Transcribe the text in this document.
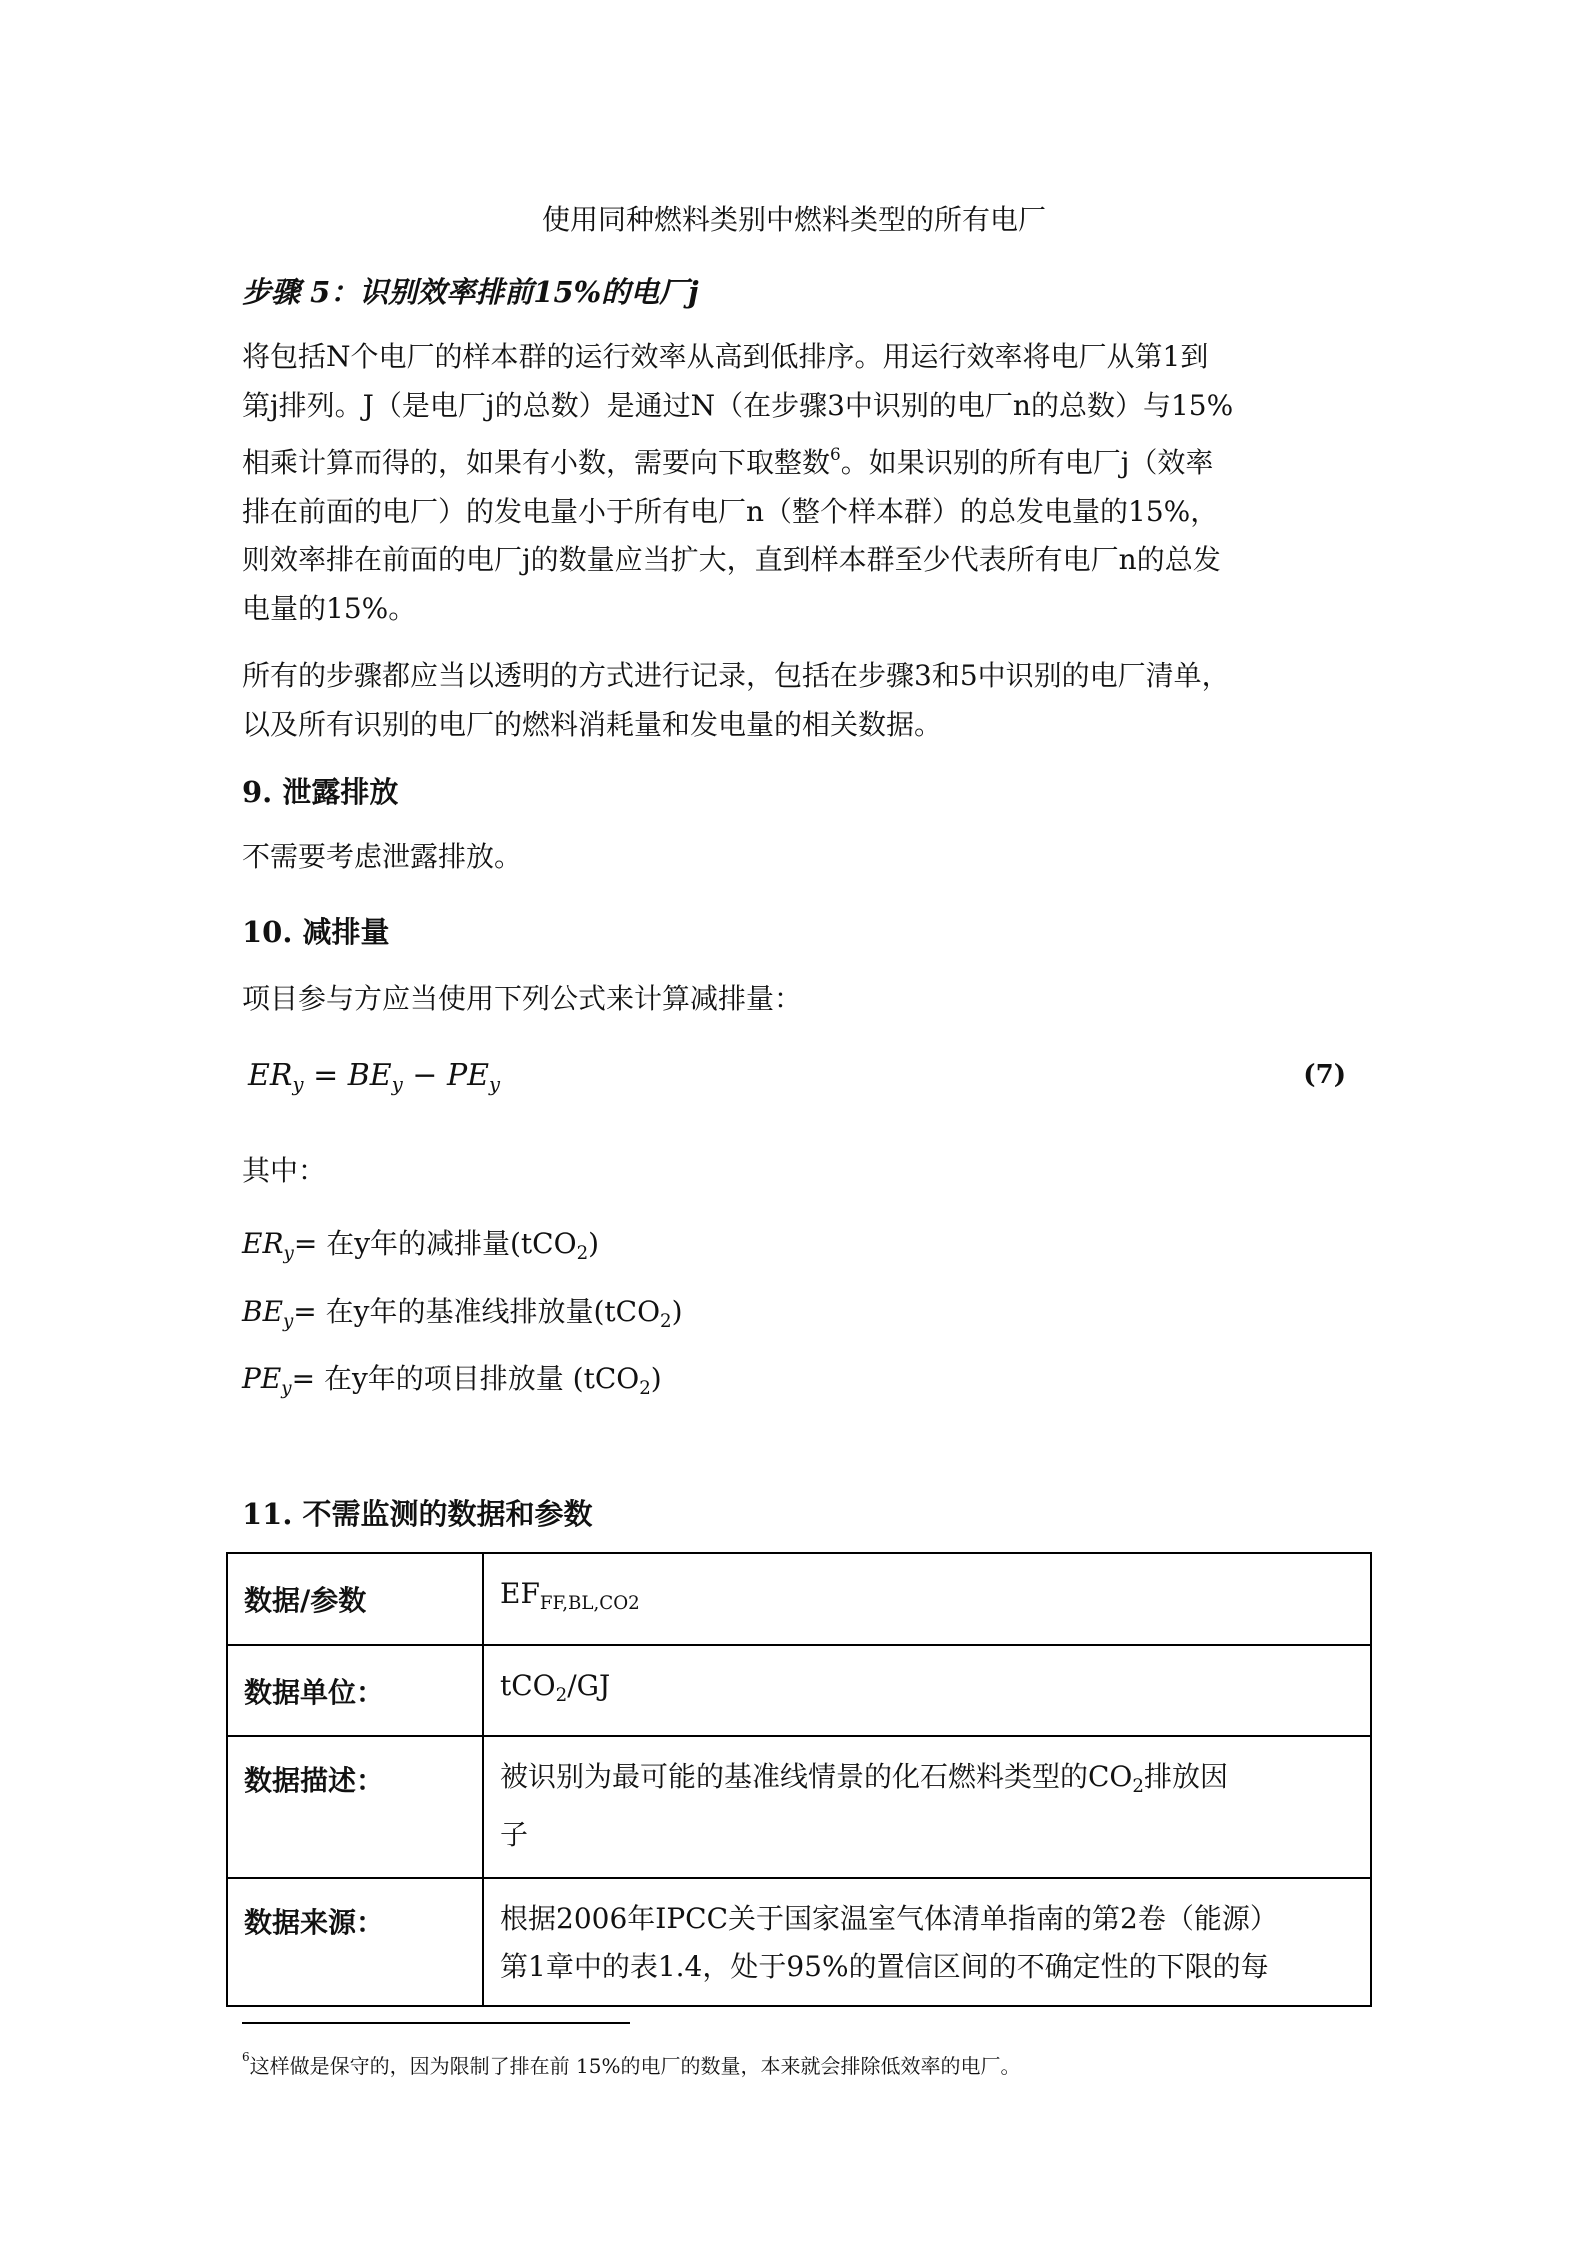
使用同种燃料类别中燃料类型的所有电厂
步骤 5：识别效率排前15%的电厂j
将包括N个电厂的样本群的运行效率从高到低排序。用运行效率将电厂从第1到
第j排列。J（是电厂j的总数）是通过N（在步骤3中识别的电厂n的总数）与15%
相乘计算而得的，如果有小数，需要向下取整数$^6$。如果识别的所有电厂j（效率
排在前面的电厂）的发电量小于所有电厂n（整个样本群）的总发电量的15%，
则效率排在前面的电厂j的数量应当扩大，直到样本群至少代表所有电厂n的总发
电量的15%。
所有的步骤都应当以透明的方式进行记录，包括在步骤3和5中识别的电厂清单，
以及所有识别的电厂的燃料消耗量和发电量的相关数据。
9. 泄露排放
不需要考虑泄露排放。
10. 减排量
项目参与方应当使用下列公式来计算减排量：
$ER_y = BE_y - PE_y$	(7)
其中：
$ER_y=$ 在y年的减排量(tCO$_2$)
$BE_y=$ 在y年的基准线排放量(tCO$_2$)
$PE_y=$ 在y年的项目排放量 (tCO$_2$)
11. 不需监测的数据和参数
数据/参数	$EF_{FF,BL,CO2}$
数据单位：	tCO$_2$/GJ
数据描述：	被识别为最可能的基准线情景的化石燃料类型的$CO_2$排放因
子

数据来源：	根据2006年IPCC关于国家温室气体清单指南的第2卷（能源）
第1章中的表1.4，处于95%的置信区间的不确定性的下限的每
$^6$这样做是保守的，因为限制了排在前 15%的电厂的数量，本来就会排除低效率的电厂。
